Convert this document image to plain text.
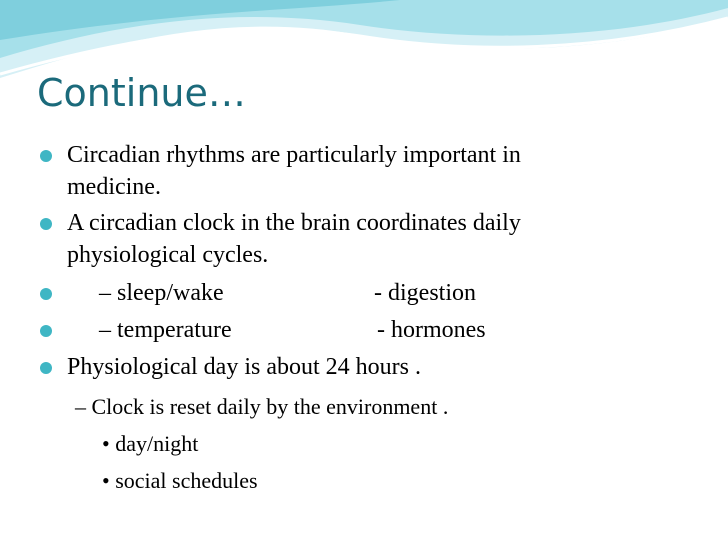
Continue…
Circadian rhythms are particularly important in
medicine.
A circadian clock in the brain coordinates daily
physiological cycles.
– sleep/wake	- digestion
– temperature	- hormones
Physiological day is about 24 hours .
– Clock is reset daily by the environment .
• day/night
• social schedules
